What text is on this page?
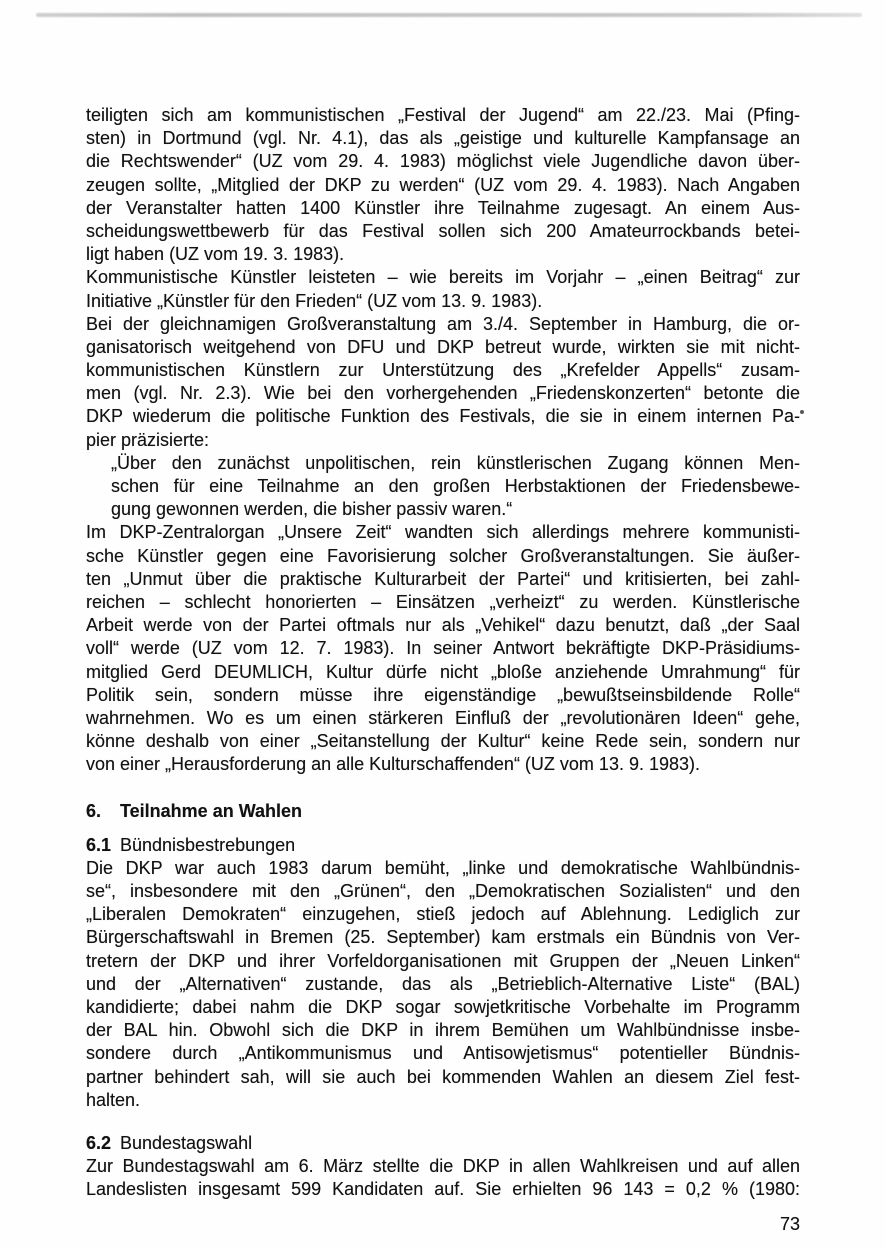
teiligten sich am kommunistischen „Festival der Jugend“ am 22./23. Mai (Pfing-
sten) in Dortmund (vgl. Nr. 4.1), das als „geistige und kulturelle Kampfansage an
die Rechtswender“ (UZ vom 29. 4. 1983) möglichst viele Jugendliche davon über-
zeugen sollte, „Mitglied der DKP zu werden“ (UZ vom 29. 4. 1983). Nach Angaben
der Veranstalter hatten 1400 Künstler ihre Teilnahme zugesagt. An einem Aus-
scheidungswettbewerb für das Festival sollen sich 200 Amateurrockbands betei-
ligt haben (UZ vom 19. 3. 1983).
Kommunistische Künstler leisteten – wie bereits im Vorjahr – „einen Beitrag“ zur
Initiative „Künstler für den Frieden“ (UZ vom 13. 9. 1983).
Bei der gleichnamigen Großveranstaltung am 3./4. September in Hamburg, die or-
ganisatorisch weitgehend von DFU und DKP betreut wurde, wirkten sie mit nicht-
kommunistischen Künstlern zur Unterstützung des „Krefelder Appells“ zusam-
men (vgl. Nr. 2.3). Wie bei den vorhergehenden „Friedenskonzerten“ betonte die
DKP wiederum die politische Funktion des Festivals, die sie in einem internen Pa-
pier präzisierte:
„Über den zunächst unpolitischen, rein künstlerischen Zugang können Men-
schen für eine Teilnahme an den großen Herbstaktionen der Friedensbewe-
gung gewonnen werden, die bisher passiv waren.“
Im DKP-Zentralorgan „Unsere Zeit“ wandten sich allerdings mehrere kommunisti-
sche Künstler gegen eine Favorisierung solcher Großveranstaltungen. Sie äußer-
ten „Unmut über die praktische Kulturarbeit der Partei“ und kritisierten, bei zahl-
reichen – schlecht honorierten – Einsätzen „verheizt“ zu werden. Künstlerische
Arbeit werde von der Partei oftmals nur als „Vehikel“ dazu benutzt, daß „der Saal
voll“ werde (UZ vom 12. 7. 1983). In seiner Antwort bekräftigte DKP-Präsidiums-
mitglied Gerd DEUMLICH, Kultur dürfe nicht „bloße anziehende Umrahmung“ für
Politik sein, sondern müsse ihre eigenständige „bewußtseinsbildende Rolle“
wahrnehmen. Wo es um einen stärkeren Einfluß der „revolutionären Ideen“ gehe,
könne deshalb von einer „Seitanstellung der Kultur“ keine Rede sein, sondern nur
von einer „Herausforderung an alle Kulturschaffenden“ (UZ vom 13. 9. 1983).
6. Teilnahme an Wahlen
6.1 Bündnisbestrebungen
Die DKP war auch 1983 darum bemüht, „linke und demokratische Wahlbündnis-
se“, insbesondere mit den „Grünen“, den „Demokratischen Sozialisten“ und den
„Liberalen Demokraten“ einzugehen, stieß jedoch auf Ablehnung. Lediglich zur
Bürgerschaftswahl in Bremen (25. September) kam erstmals ein Bündnis von Ver-
tretern der DKP und ihrer Vorfeldorganisationen mit Gruppen der „Neuen Linken“
und der „Alternativen“ zustande, das als „Betrieblich-Alternative Liste“ (BAL)
kandidierte; dabei nahm die DKP sogar sowjetkritische Vorbehalte im Programm
der BAL hin. Obwohl sich die DKP in ihrem Bemühen um Wahlbündnisse insbe-
sondere durch „Antikommunismus und Antisowjetismus“ potentieller Bündnis-
partner behindert sah, will sie auch bei kommenden Wahlen an diesem Ziel fest-
halten.
6.2 Bundestagswahl
Zur Bundestagswahl am 6. März stellte die DKP in allen Wahlkreisen und auf allen
Landeslisten insgesamt 599 Kandidaten auf. Sie erhielten 96 143 = 0,2 % (1980:
73
